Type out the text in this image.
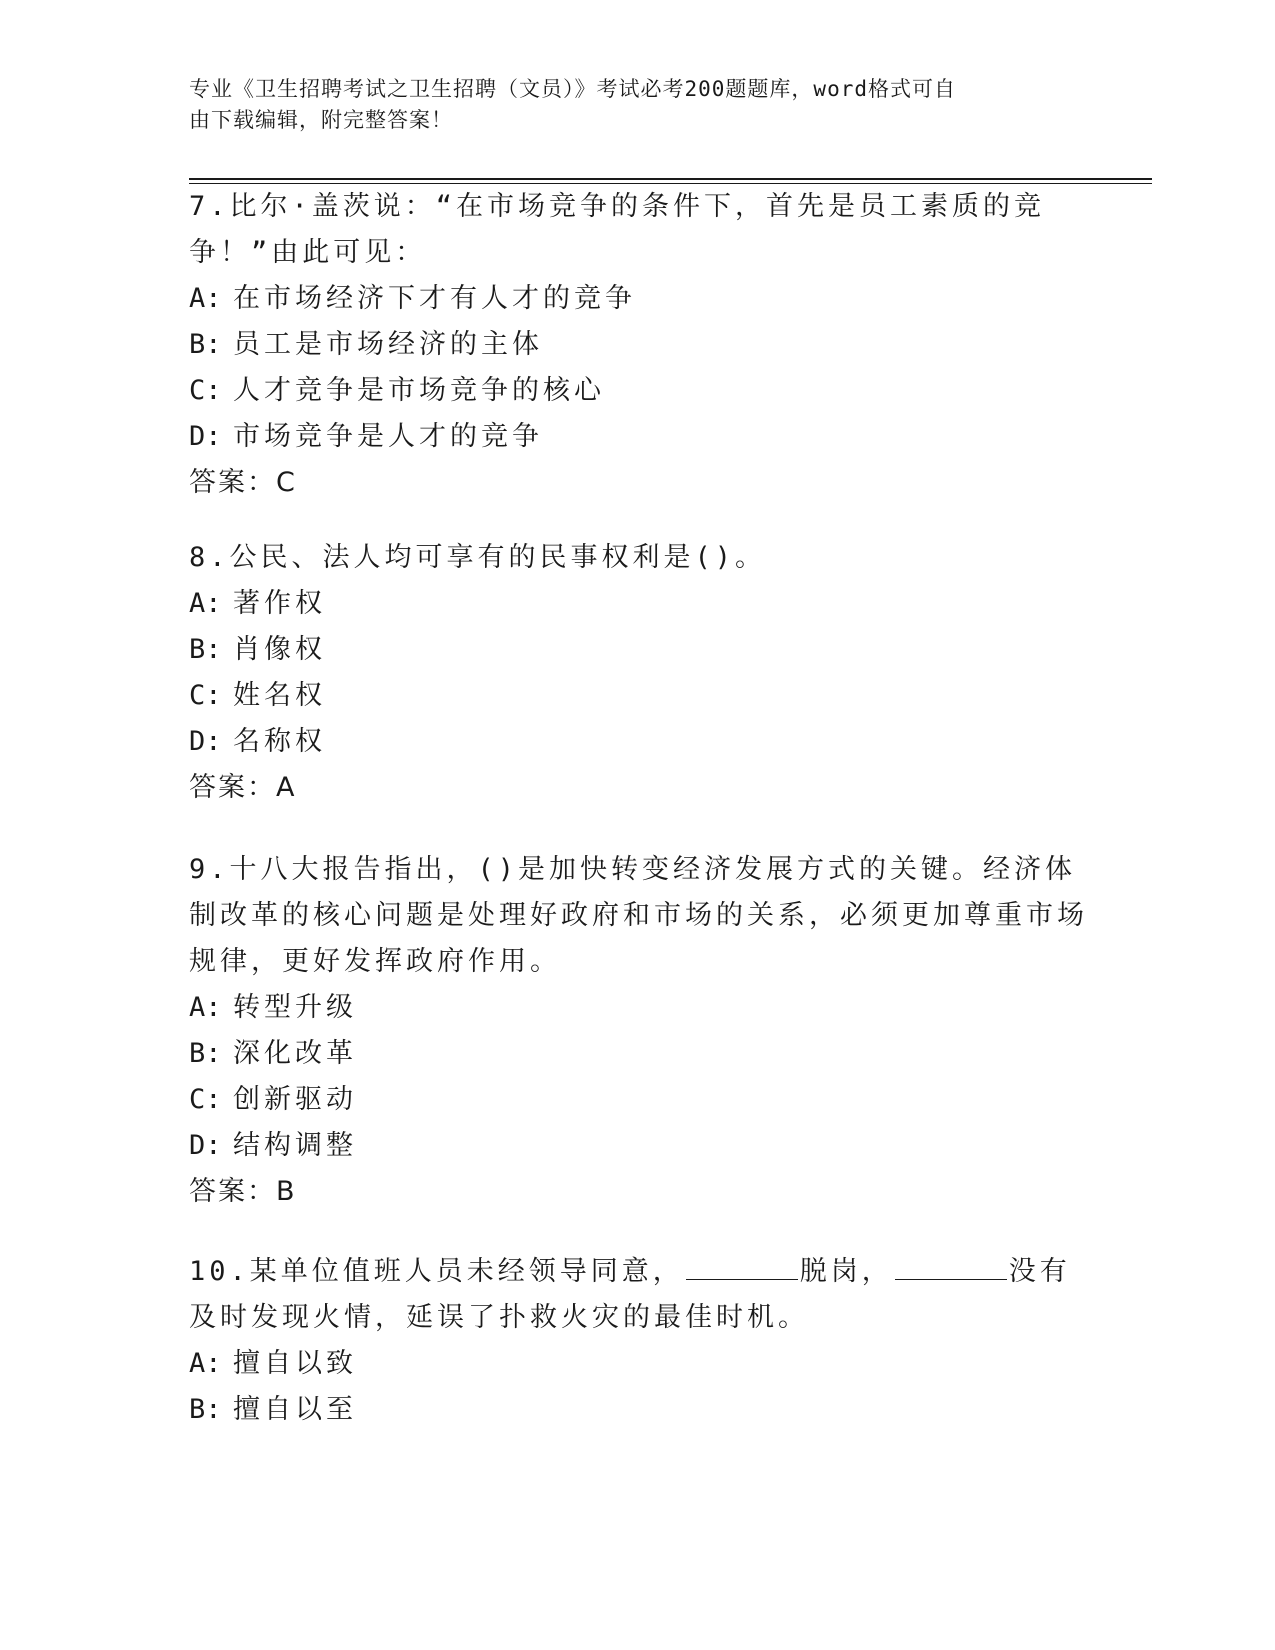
专业《卫生招聘考试之卫生招聘（文员）》考试必考200题题库，word格式可自
由下载编辑，附完整答案！

7.比尔·盖茨说：“在市场竞争的条件下，首先是员工素质的竞争！”由此可见：

A: 在市场经济下才有人才的竞争

B: 员工是市场经济的主体

C: 人才竞争是市场竞争的核心

D: 市场竞争是人才的竞争

答案：C

8.公民、法人均可享有的民事权利是()。

A: 著作权

B: 肖像权

C: 姓名权

D: 名称权

答案：A

9.十八大报告指出，()是加快转变经济发展方式的关键。经济体制改革的核心问题是处理好政府和市场的关系，必须更加尊重市场规律，更好发挥政府作用。

A: 转型升级

B: 深化改革

C: 创新驱动

D: 结构调整

答案：B

10.某单位值班人员未经领导同意，	脱岗，	没有及时发现火情，延误了扑救火灾的最佳时机。

A: 擅自以致

B: 擅自以至
